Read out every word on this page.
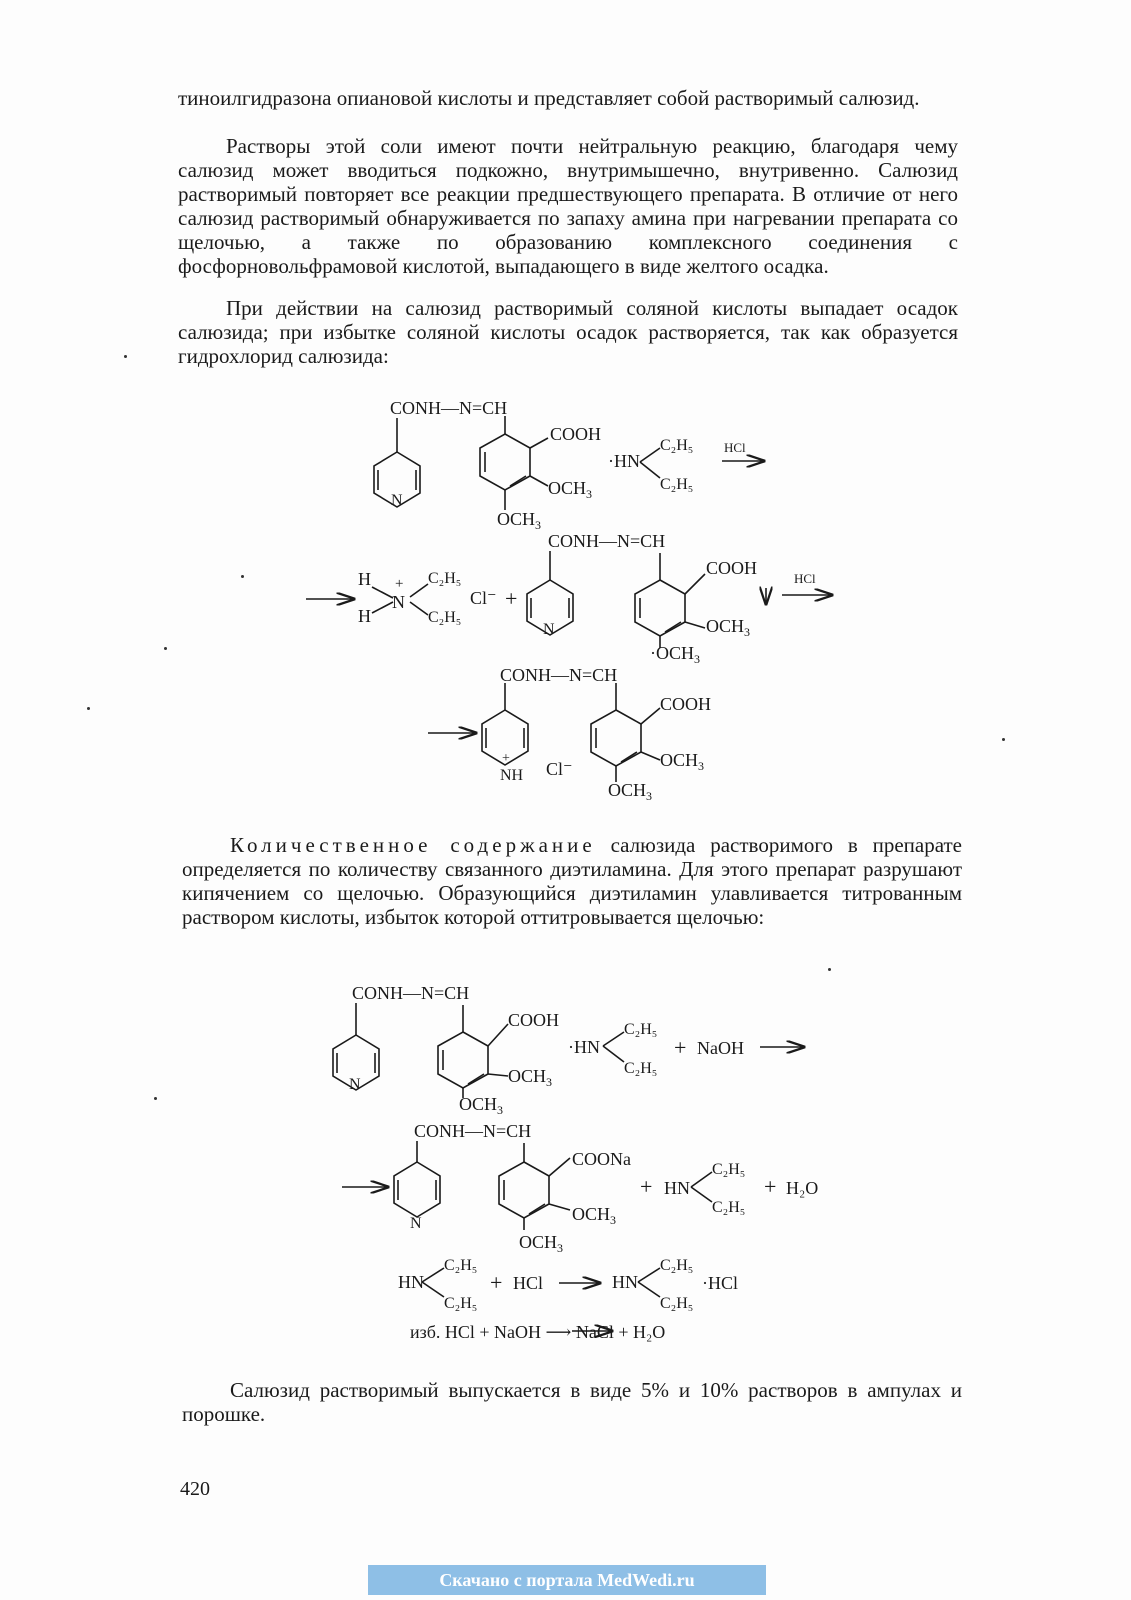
тиноилгидразона опиановой кислоты и представляет собой растворимый салюзид.

Растворы этой соли имеют почти нейтральную реакцию, благодаря чему салюзид может вводиться подкожно, внутримышечно, внутривенно. Салюзид растворимый повторяет все реакции предшествующего препарата. В отличие от него салюзид растворимый обнаруживается по запаху амина при нагревании препарата со щелочью, а также по образованию комплексного соединения с фосфорновольфрамовой кислотой, выпадающего в виде желтого осадка.

При действии на салюзид растворимый соляной кислоты выпадает осадок салюзида; при избытке соляной кислоты осадок растворяется, так как образуется гидрохлорид салюзида:

Количественное содержание салюзида растворимого в препарате определяется по количеству связанного диэтиламина. Для этого препарат разрушают кипячением со щелочью. Образующийся диэтиламин улавливается титрованным раствором кислоты, избыток которой оттитровывается щелочью:

Салюзид растворимый выпускается в виде 5% и 10% растворов в ампулах и порошке.

CONH—N=CH
N
COOH
$OCH_3$
$OCH_3$
·HN
C₂H₅
C₂H₅
HCl
CONH—N=CH
H
H
N
+ C₂H₅
C₂H₅
Cl⁻ +
N
COOH
$OCH_3$
$\cdot OCH_3$
HCl
CONH—N=CH
NH
+
Cl⁻
COOH
$OCH_3$
$OCH_3$
CONH—N=CH
N
COOH
$OCH_3$
$OCH_3$
·HN
C₂H₅
C₂H₅
+ NaOH
CONH—N=CH
N
COONa
$OCH_3$
$OCH_3$
+ HN
C₂H₅
C₂H₅
+ H₂O
HN
C₂H₅
C₂H₅
+ HCl	HN
C₂H₅
C₂H₅
·HCl
изб. HCl + NaOH ⟶ NaCl + H₂O
420
Скачано с портала MedWedi.ru
